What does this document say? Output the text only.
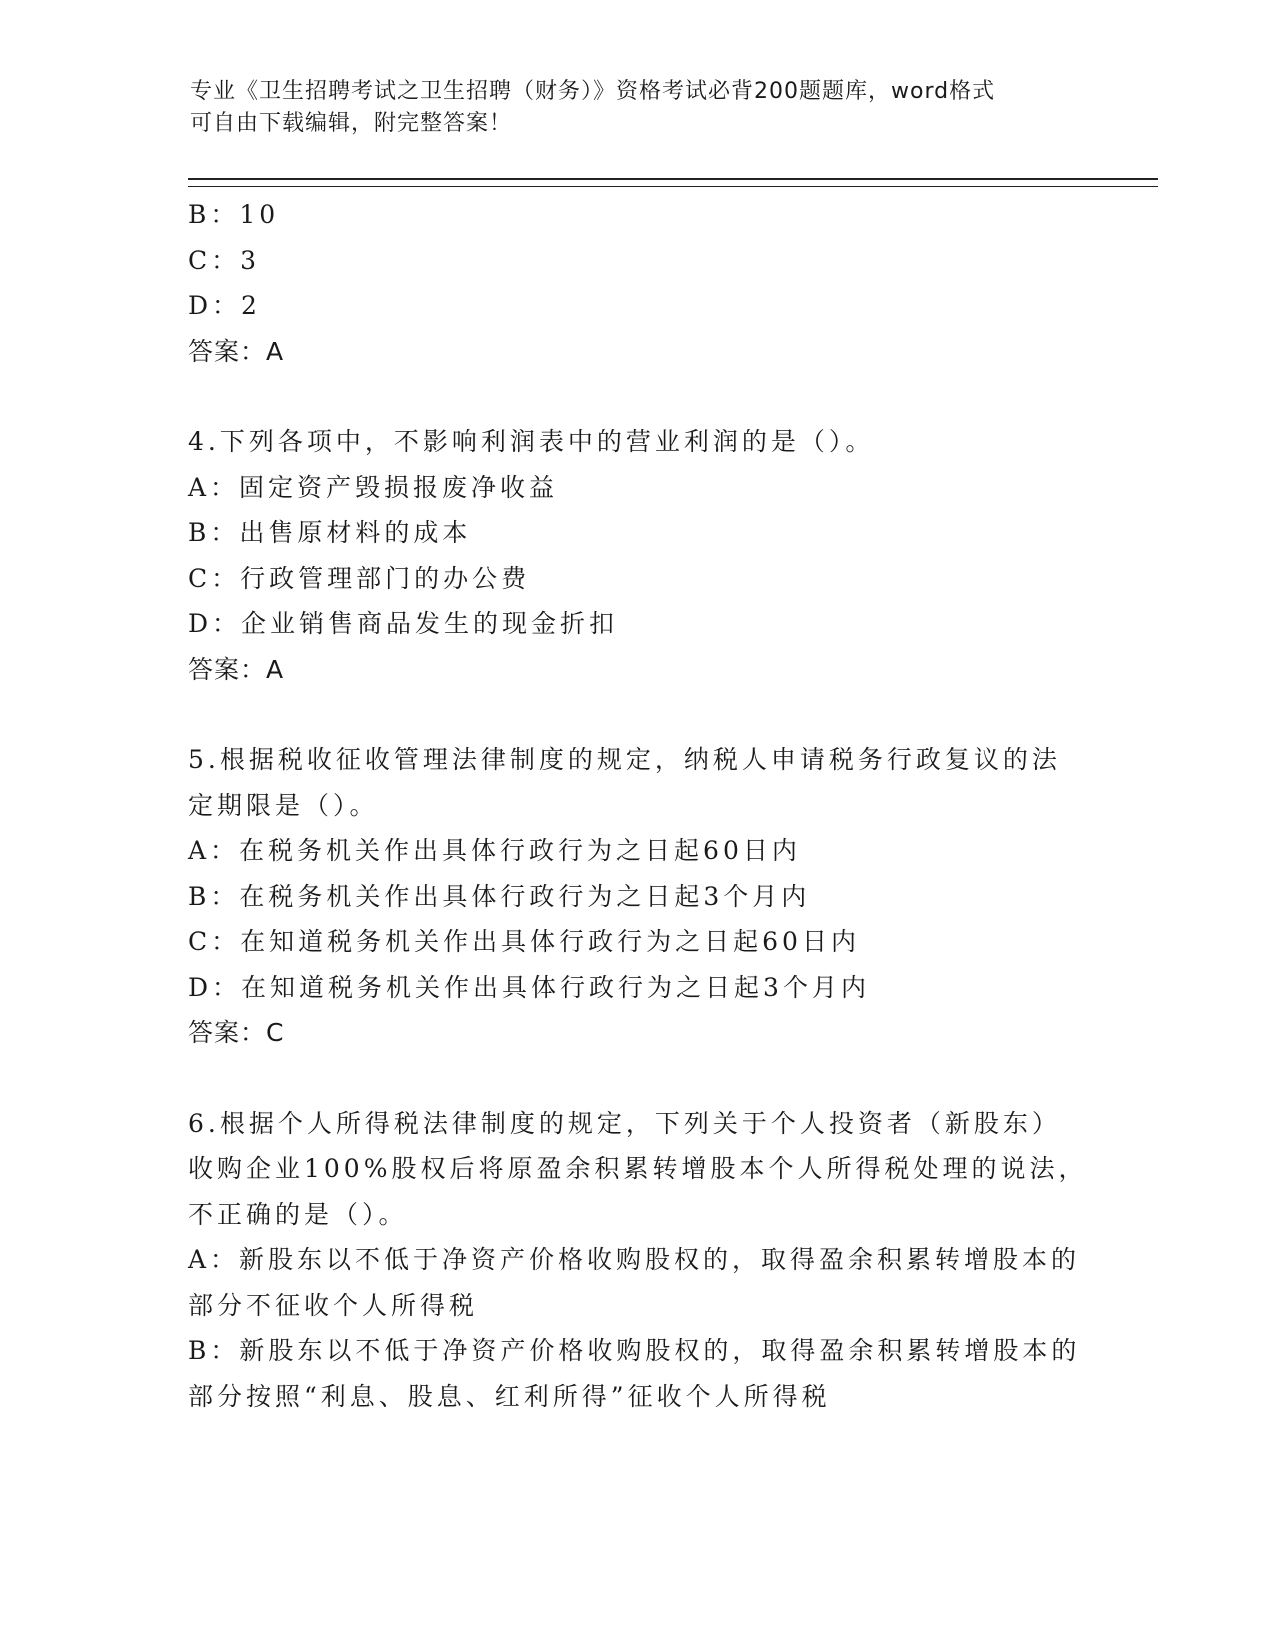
专业《卫生招聘考试之卫生招聘（财务）》资格考试必背200题题库，word格式
可自由下载编辑，附完整答案！
B：10
C：3
D：2
答案：A
4.下列各项中，不影响利润表中的营业利润的是（）。
A：固定资产毁损报废净收益
B：出售原材料的成本
C：行政管理部门的办公费
D：企业销售商品发生的现金折扣
答案：A
5.根据税收征收管理法律制度的规定，纳税人申请税务行政复议的法
定期限是（）。
A：在税务机关作出具体行政行为之日起60日内
B：在税务机关作出具体行政行为之日起3个月内
C：在知道税务机关作出具体行政行为之日起60日内
D：在知道税务机关作出具体行政行为之日起3个月内
答案：C
6.根据个人所得税法律制度的规定，下列关于个人投资者（新股东）
收购企业100%股权后将原盈余积累转增股本个人所得税处理的说法，
不正确的是（）。
A：新股东以不低于净资产价格收购股权的，取得盈余积累转增股本的
部分不征收个人所得税
B：新股东以不低于净资产价格收购股权的，取得盈余积累转增股本的
部分按照“利息、股息、红利所得”征收个人所得税
